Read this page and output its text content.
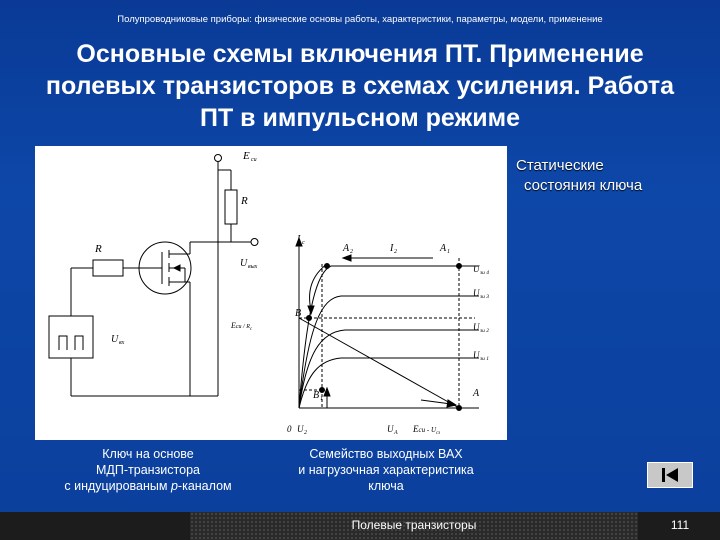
Полупроводниковые приборы: физические основы работы, характеристики, параметры, модели, применение
Основные схемы включения ПТ. Применение
полевых транзисторов в схемах усиления. Работа
ПТ в импульсном режиме
E си
R
R
U вых
U вх
I c	A 2	I 2	A 1
Eси / $R_c$
B
B 1	A
0 U 2	U A Eси - $U_{сз}$
U зи 4
U зи 3
U зи 2
U зи 1
Статические
состояния ключа
Ключ на основе
МДП-транзистора
с индуцированым p-каналом
Семейство выходных ВАХ
и нагрузочная характеристика
ключа
Полевые транзисторы	111
